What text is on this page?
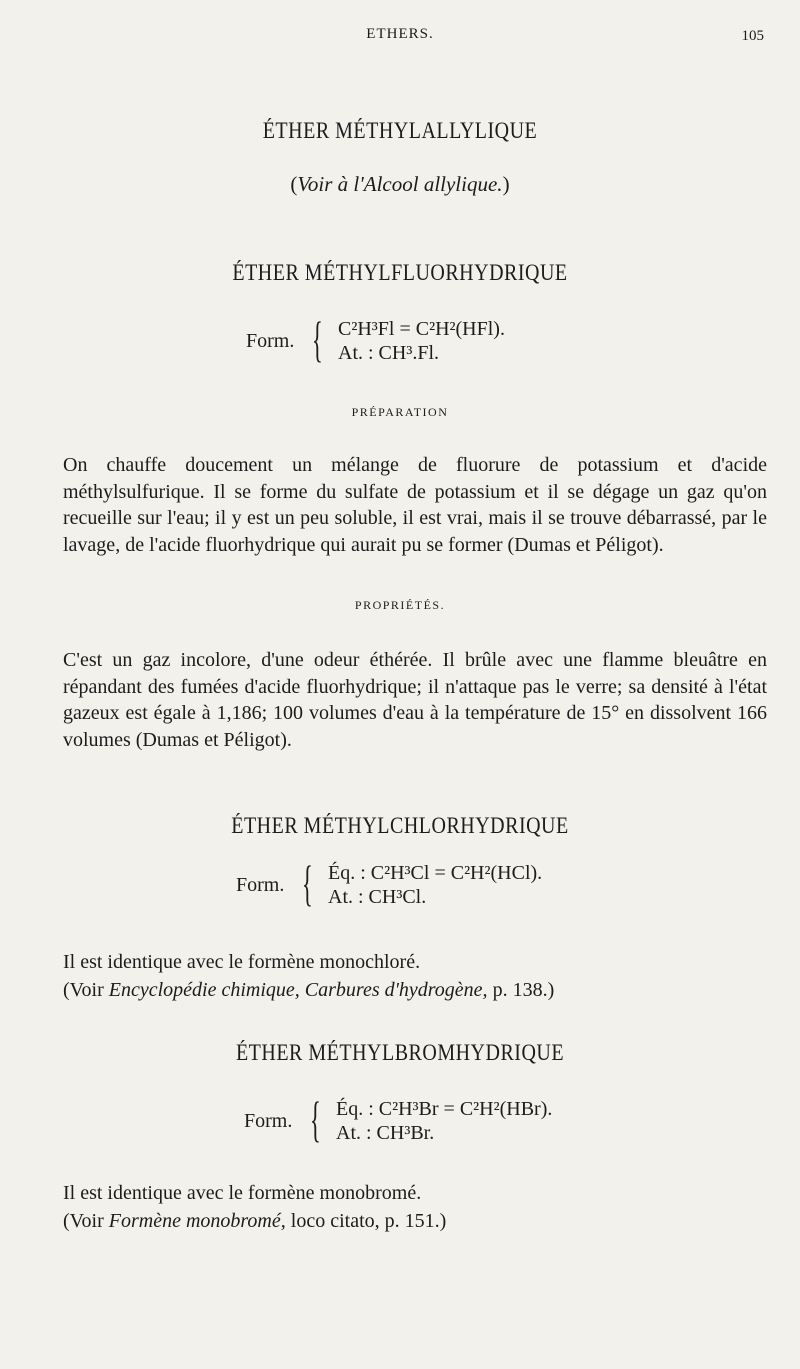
ETHERS.	105
ÉTHER MÉTHYLALLYLIQUE
(Voir à l'Alcool allylique.)
ÉTHER MÉTHYLFLUORHYDRIQUE
Form. { C²H³Fl = C²H²(HFl).
At. : CH³.Fl.
PRÉPARATION
On chauffe doucement un mélange de fluorure de potassium et d'acide méthylsulfurique. Il se forme du sulfate de potassium et il se dégage un gaz qu'on recueille sur l'eau; il y est un peu soluble, il est vrai, mais il se trouve débarrassé, par le lavage, de l'acide fluorhydrique qui aurait pu se former (Dumas et Péligot).
PROPRIÉTÉS.
C'est un gaz incolore, d'une odeur éthérée. Il brûle avec une flamme bleuâtre en répandant des fumées d'acide fluorhydrique; il n'attaque pas le verre; sa densité à l'état gazeux est égale à 1,186; 100 volumes d'eau à la température de 15° en dissolvent 166 volumes (Dumas et Péligot).
ÉTHER MÉTHYLCHLORHYDRIQUE
Form. { Éq. : C²H³Cl = C²H²(HCl).
At. : CH³Cl.
Il est identique avec le formène monochloré.
(Voir Encyclopédie chimique, Carbures d'hydrogène, p. 138.)
ÉTHER MÉTHYLBROMHYDRIQUE
Form. { Éq. : C²H³Br = C²H²(HBr).
At. : CH³Br.
Il est identique avec le formène monobromé.
(Voir Formène monobromé, loco citato, p. 151.)
